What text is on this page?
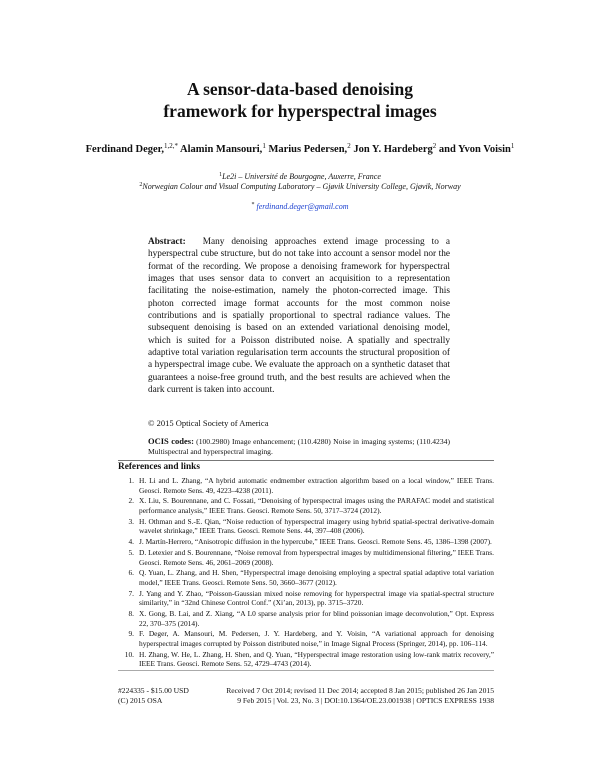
A sensor-data-based denoising
framework for hyperspectral images
Ferdinand Deger,$^{1,2,*}$ Alamin Mansouri,$^1$ Marius Pedersen,$^2$ Jon Y. Hardeberg$^2$ and Yvon Voisin$^1$
$^1$Le2i – Université de Bourgogne, Auxerre, France
$^2$Norwegian Colour and Visual Computing Laboratory – Gjøvik University College, Gjøvik, Norway
* ferdinand.deger@gmail.com

Abstract: Many denoising approaches extend image processing to a hyperspectral cube structure, but do not take into account a sensor model nor the format of the recording. We propose a denoising framework for hyperspectral images that uses sensor data to convert an acquisition to a representation facilitating the noise-estimation, namely the photon-corrected image. This photon corrected image format accounts for the most common noise contributions and is spatially proportional to spectral radiance values. The subsequent denoising is based on an extended variational denoising model, which is suited for a Poisson distributed noise. A spatially and spectrally adaptive total variation regularisation term accounts the structural proposition of a hyperspectral image cube. We evaluate the approach on a synthetic dataset that guarantees a noise-free ground truth, and the best results are achieved when the dark current is taken into account.

© 2015 Optical Society of America
OCIS codes: (100.2980) Image enhancement; (110.4280) Noise in imaging systems; (110.4234) Multispectral and hyperspectral imaging.
References and links
1. H. Li and L. Zhang, “A hybrid automatic endmember extraction algorithm based on a local window,” IEEE Trans. Geosci. Remote Sens. 49, 4223–4238 (2011).
2. X. Liu, S. Bourennane, and C. Fossati, “Denoising of hyperspectral images using the PARAFAC model and statistical performance analysis,” IEEE Trans. Geosci. Remote Sens. 50, 3717–3724 (2012).
3. H. Othman and S.-E. Qian, “Noise reduction of hyperspectral imagery using hybrid spatial-spectral derivative-domain wavelet shrinkage,” IEEE Trans. Geosci. Remote Sens. 44, 397–408 (2006).
4. J. Martín-Herrero, “Anisotropic diffusion in the hypercube,” IEEE Trans. Geosci. Remote Sens. 45, 1386–1398 (2007).
5. D. Letexier and S. Bourennane, “Noise removal from hyperspectral images by multidimensional filtering,” IEEE Trans. Geosci. Remote Sens. 46, 2061–2069 (2008).
6. Q. Yuan, L. Zhang, and H. Shen, “Hyperspectral image denoising employing a spectral spatial adaptive total variation model,” IEEE Trans. Geosci. Remote Sens. 50, 3660–3677 (2012).
7. J. Yang and Y. Zhao, “Poisson-Gaussian mixed noise removing for hyperspectral image via spatial-spectral structure similarity,” in “32nd Chinese Control Conf.” (Xi’an, 2013), pp. 3715–3720.
8. X. Gong, B. Lai, and Z. Xiang, “A L0 sparse analysis prior for blind poissonian image deconvolution,” Opt. Express 22, 370–375 (2014).
9. F. Deger, A. Mansouri, M. Pedersen, J. Y. Hardeberg, and Y. Voisin, “A variational approach for denoising hyperspectral images corrupted by Poisson distributed noise,” in Image Signal Process (Springer, 2014), pp. 106–114.
10. H. Zhang, W. He, L. Zhang, H. Shen, and Q. Yuan, “Hyperspectral image restoration using low-rank matrix recovery,” IEEE Trans. Geosci. Remote Sens. 52, 4729–4743 (2014).
#224335 - $15.00 USD
(C) 2015 OSA
Received 7 Oct 2014; revised 11 Dec 2014; accepted 8 Jan 2015; published 26 Jan 2015
9 Feb 2015 | Vol. 23, No. 3 | DOI:10.1364/OE.23.001938 | OPTICS EXPRESS 1938
